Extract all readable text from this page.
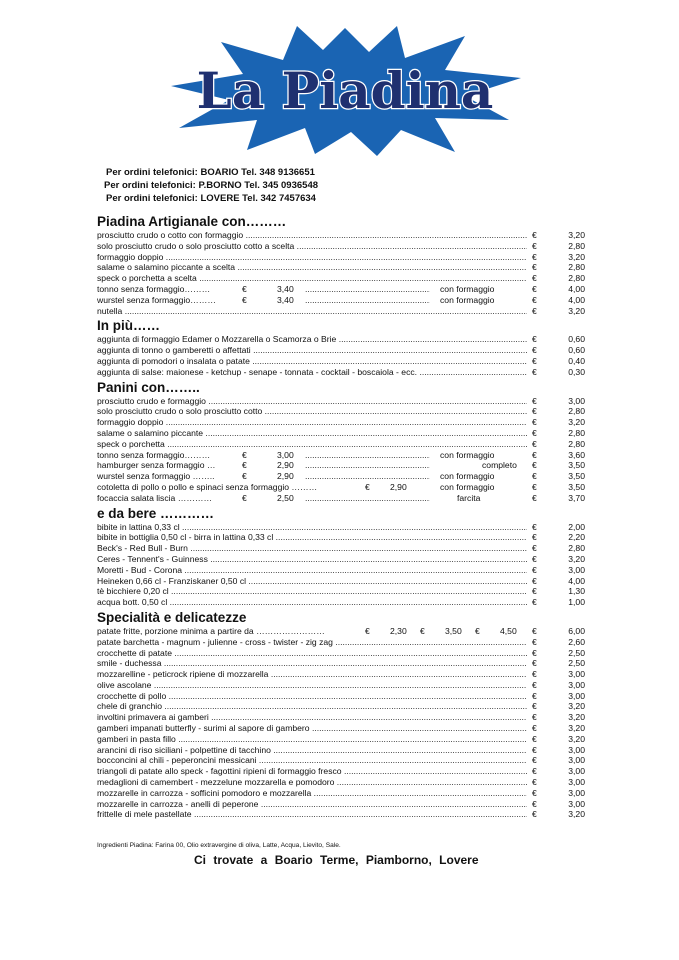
La Piadina
Per ordini telefonici: BOARIO Tel. 348 9136651
Per ordini telefonici: P.BORNO Tel. 345 0936548
Per ordini telefonici: LOVERE Tel. 342 7457634
Piadina Artigianale con………
prosciutto crudo o cotto con formaggio .....	€	3,20
solo prosciutto crudo o solo prosciutto cotto a scelta .....	€	2,80
formaggio doppio .....	€	3,20
salame o salamino piccante a scelta .....	€	2,80
speck o porchetta a scelta .....	€	2,80
tonno senza formaggio………	€	3,40 .....	con formaggio	€	4,00
wurstel senza formaggio………	€	3,40 .....	con formaggio	€	4,00
nutella .....	€	3,20
In più……
aggiunta di formaggio Edamer o Mozzarella o Scamorza o Brie .....	€	0,60
aggiunta di tonno o gamberetti o affettati .....	€	0,60
aggiunta di pomodori o insalata o patate .....	€	0,40
aggiunta di salse: maionese - ketchup - senape - tonnata - cocktail - boscaiola - ecc. .....	€	0,30
Panini con……..
prosciutto crudo e formaggio .....	€	3,00
solo prosciutto crudo o solo prosciutto cotto .....	€	2,80
formaggio doppio .....	€	3,20
salame o salamino piccante .....	€	2,80
speck o porchetta .....	€	2,80
tonno senza formaggio………	€	3,00 .....	con formaggio	€	3,60
hamburger senza formaggio …	€	2,90 .....	completo €	3,50
wurstel senza formaggio ……..	€	2,90 .....	con formaggio	€	3,50
cotoletta di pollo o pollo e spinaci senza formaggio ………	€ 2,90	con formaggio	€	3,50
focaccia salata liscia …………	€	2,50 .....	farcita	€	3,70
e da bere …………
bibite in lattina 0,33 cl .....	€	2,00
bibite in bottiglia 0,50 cl - birra in lattina 0,33 cl .....	€	2,20
Beck's - Red Bull - Burn .....	€	2,80
Ceres - Tennent's - Guinness .....	€	3,20
Moretti - Bud - Corona .....	€	3,00
Heineken 0,66 cl - Franziskaner 0,50 cl .....	€	4,00
tè bicchiere 0,20 cl .....	€	1,30
acqua bott. 0,50 cl .....	€	1,00
Specialità e delicatezze
patate fritte, porzione minima a partire da ……………………	€ 2,30 € 3,50 € 4,50 €	6,00
patate barchetta - magnum - julienne - cross - twister - zig zag .....	€	2,60
crocchette di patate .....	€	2,50
smile - duchessa .....	€	2,50
mozzarelline - peticrock ripiene di mozzarella .....	€	3,00
olive ascolane .....	€	3,00
crocchette di pollo .....	€	3,00
chele di granchio .....	€	3,20
involtini primavera ai gamberi .....	€	3,20
gamberi impanati butterfly - surimi al sapore di gambero .....	€	3,20
gamberi in pasta fillo .....	€	3,20
arancini di riso siciliani - polpettine di tacchino .....	€	3,00
bocconcini al chili - peperoncini messicani .....	€	3,00
triangoli di patate allo speck - fagottini ripieni di formaggio fresco .....	€	3,00
medaglioni di camembert - mezzelune mozzarella e pomodoro .....	€	3,00
mozzarelle in carrozza - sofficini pomodoro e mozzarella .....	€	3,00
mozzarelle in carrozza - anelli di peperone .....	€	3,00
frittelle di mele pastellate .....	€	3,20
Ingredienti Piadina: Farina 00, Olio extravergine di oliva, Latte, Acqua, Lievito, Sale.
Ci trovate a Boario Terme, Piamborno, Lovere
